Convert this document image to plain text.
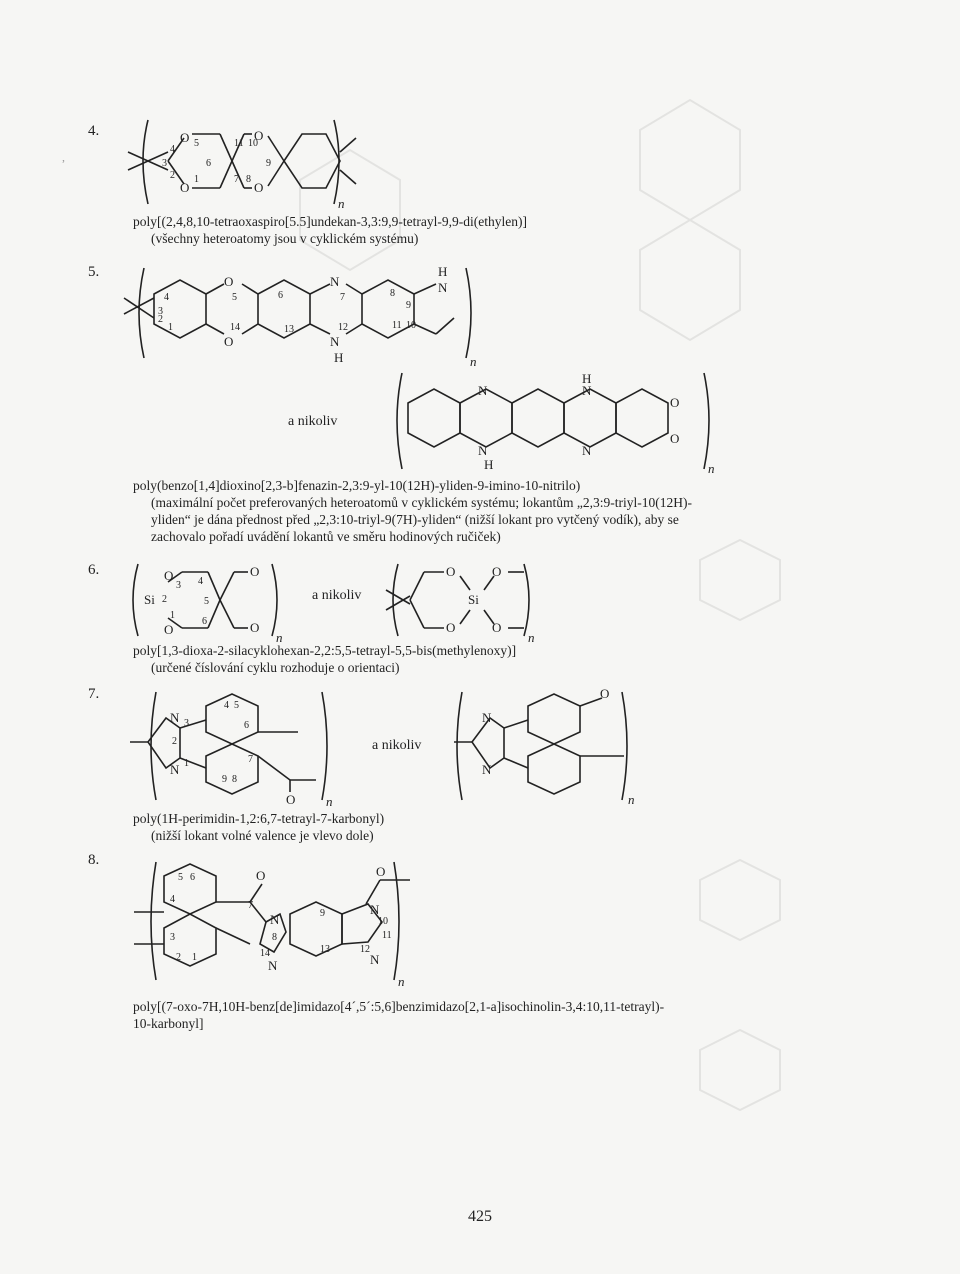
,
4.	O
O
O
O
4
3
2 1
5
6
7 8
9
11 10
n
poly[(2,4,8,10-tetraoxaspiro[5.5]undekan-3,3:9,9-tetrayl-9,9-di(ethylen)]
(všechny heteroatomy jsou v cyklickém systému)
5.
O
O
N
N
H
H
N
4
3
2
1
5
14
6
13
7
12
8
9
11 10
n
a nikoliv
N
N
H
N
N
H
O
O
n
poly(benzo[1,4]dioxino[2,3-b]fenazin-2,3:9-yl-10(12H)-yliden-9-imino-10-nitrilo)
(maximální počet preferovaných heteroatomů v cyklickém systému; lokantům „2,3:9-triyl-10(12H)-
yliden“ je dána přednost před „2,3:10-triyl-9(7H)-yliden“ (nižší lokant pro vytčený vodík), aby se
zachovalo pořadí uvádění lokantů ve směru hodinových ručiček)
6.	O
3
Si 2
1
O
4
5
6
O
O
n
a nikoliv
O	O
Si
O	O
n
poly[1,3-dioxa-2-silacyklohexan-2,2:5,5-tetrayl-5,5-bis(methylenoxy)]
(určené číslování cyklu rozhoduje o orientaci)
7.
N 3
2
N 1
4 5
6
7
9 8
O n
a nikoliv
N
N
O
n
poly(1H-perimidin-1,2:6,7-tetrayl-7-karbonyl)
(nižší lokant volné valence je vlevo dole)
8.
5 6
4
3
2 1
O
7
N
8
14
N
9
13
N
10
N
11
12
O
n
poly[(7-oxo-7H,10H-benz[de]imidazo[4´,5´:5,6]benzimidazo[2,1-a]isochinolin-3,4:10,11-tetrayl)-
10-karbonyl]
425
